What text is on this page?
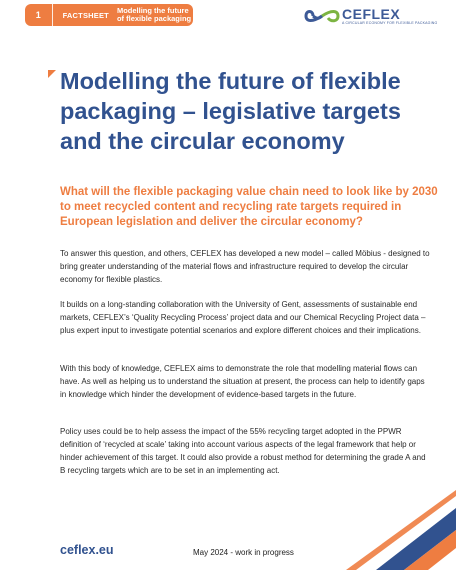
1	FACTSHEET Modelling the future of flexible packaging	CEFLEX
A CIRCULAR ECONOMY FOR FLEXIBLE PACKAGING
Modelling the future of flexible packaging – legislative targets and the circular economy

What will the flexible packaging value chain need to look like by 2030 to meet recycled content and recycling rate targets required in European legislation and deliver the circular economy?

To answer this question, and others, CEFLEX has developed a new model – called Möbius - designed to bring greater understanding of the material flows and infrastructure required to develop the circular economy for flexible plastics.

It builds on a long-standing collaboration with the University of Gent, assessments of sustainable end markets, CEFLEX’s ‘Quality Recycling Process’ project data and our Chemical Recycling Project data – plus expert input to investigate potential scenarios and explore different choices and their implications.

With this body of knowledge, CEFLEX aims to demonstrate the role that modelling material flows can have. As well as helping us to understand the situation at present, the process can help to identify gaps in knowledge which hinder the development of evidence-based targets in the future.

Policy uses could be to help assess the impact of the 55% recycling target adopted in the PPWR definition of ‘recycled at scale’ taking into account various aspects of the legal framework that help or hinder achievement of this target. It could also provide a robust method for determining the grade A and B recycling targets which are to be set in an implementing act.

ceflex.eu	May 2024 - work in progress
